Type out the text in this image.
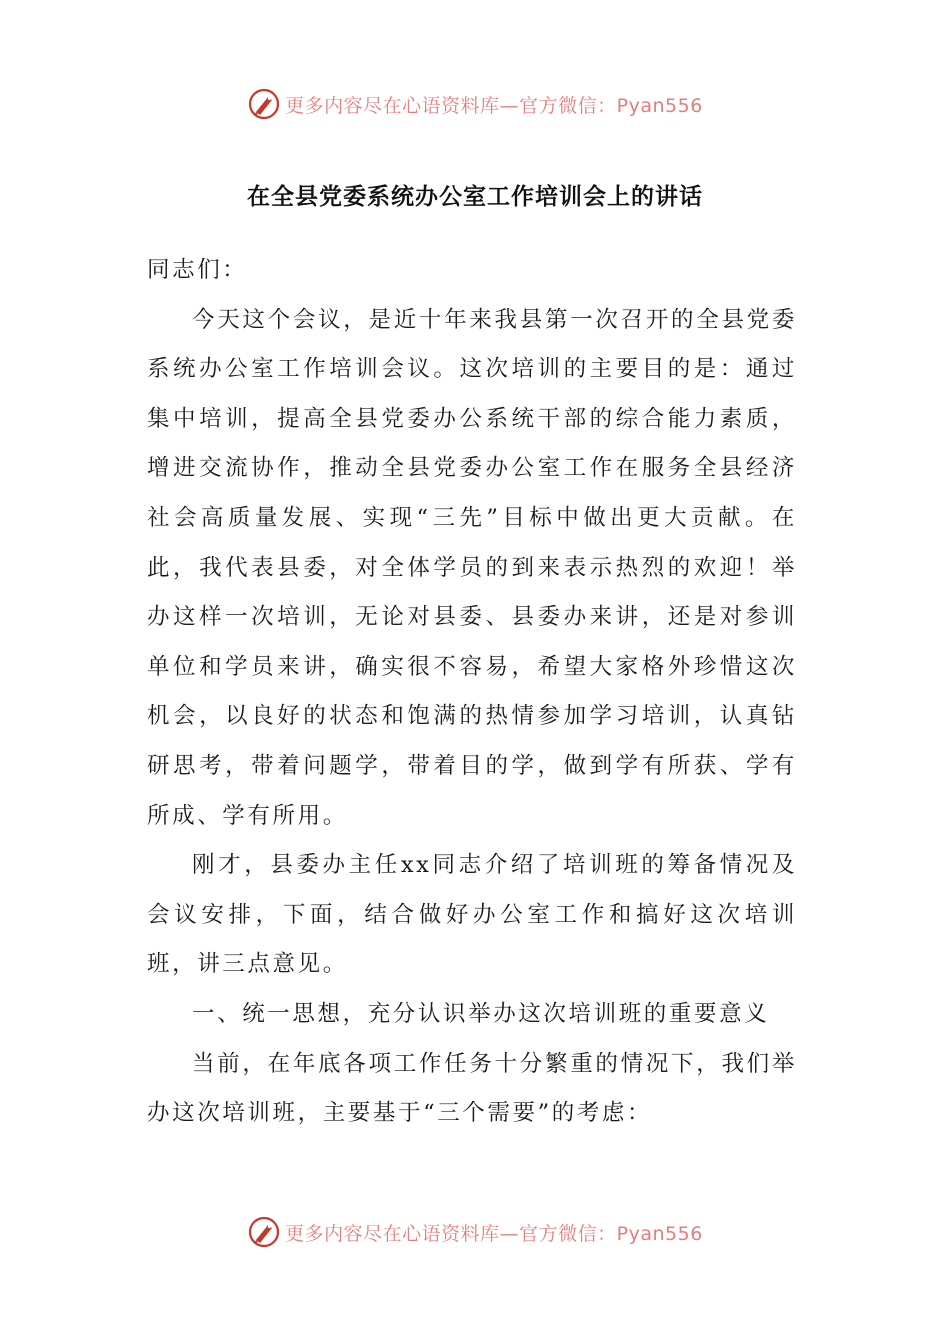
更多内容尽在心语资料库—官方微信：Pyan556
在全县党委系统办公室工作培训会上的讲话

同志们：

今天这个会议，是近十年来我县第一次召开的全县党委系统办公室工作培训会议。这次培训的主要目的是：通过集中培训，提高全县党委办公系统干部的综合能力素质，增进交流协作，推动全县党委办公室工作在服务全县经济社会高质量发展、实现“三先”目标中做出更大贡献。在此，我代表县委，对全体学员的到来表示热烈的欢迎！举办这样一次培训，无论对县委、县委办来讲，还是对参训单位和学员来讲，确实很不容易，希望大家格外珍惜这次机会，以良好的状态和饱满的热情参加学习培训，认真钻研思考，带着问题学，带着目的学，做到学有所获、学有所成、学有所用。

刚才，县委办主任xx同志介绍了培训班的筹备情况及会议安排，下面，结合做好办公室工作和搞好这次培训班，讲三点意见。

一、统一思想，充分认识举办这次培训班的重要意义

当前，在年底各项工作任务十分繁重的情况下，我们举办这次培训班，主要基于“三个需要”的考虑：

更多内容尽在心语资料库—官方微信：Pyan556
